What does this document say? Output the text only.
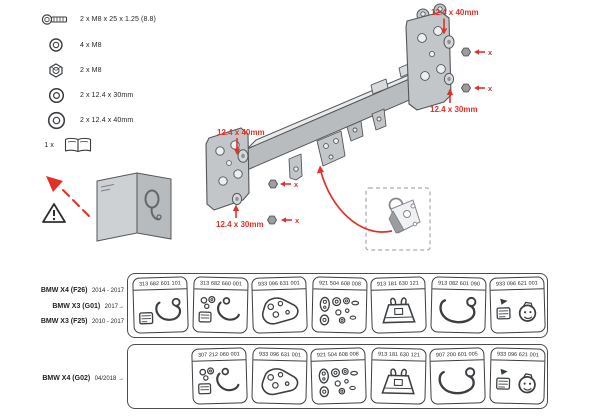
2 x M8 x 25 x 1.25 (8.8)
4 x M8
2 x M8
2 x 12.4 x 30mm
2 x 12.4 x 40mm
1 x
12.4 x 40mm
12.4 x 30mm
12.4 x 40mm
12.4 x 30mm
x
x
x
x
BMW X4 (F26) 2014 - 2017
BMW X3 (G01) 2017→
BMW X3 (F25) 2010 - 2017
313 682 601 101	313 682 660 001	933 096 631 001	921 504 608 008	913 181 630 121	913 082 601 090	933 096 621 001
BMW X4 (G02) 04/2018 →
307 212 060 001	933 096 631 001	921 504 608 008	913 181 630 121	907 200 601 005	933 096 621 001
